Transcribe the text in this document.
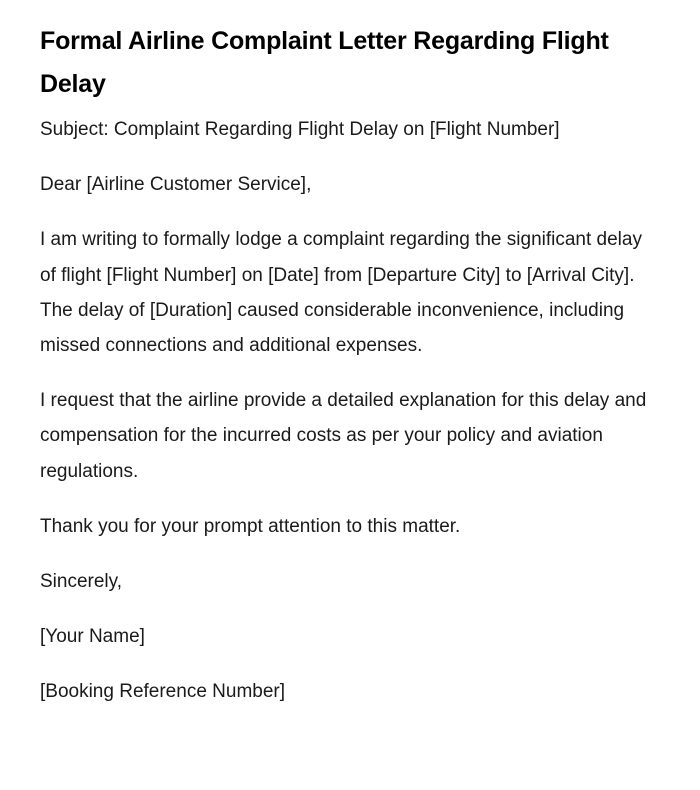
Formal Airline Complaint Letter Regarding Flight Delay

Subject: Complaint Regarding Flight Delay on [Flight Number]

Dear [Airline Customer Service],

I am writing to formally lodge a complaint regarding the significant delay of flight [Flight Number] on [Date] from [Departure City] to [Arrival City]. The delay of [Duration] caused considerable inconvenience, including missed connections and additional expenses.

I request that the airline provide a detailed explanation for this delay and compensation for the incurred costs as per your policy and aviation regulations.

Thank you for your prompt attention to this matter.

Sincerely,

[Your Name]

[Booking Reference Number]
